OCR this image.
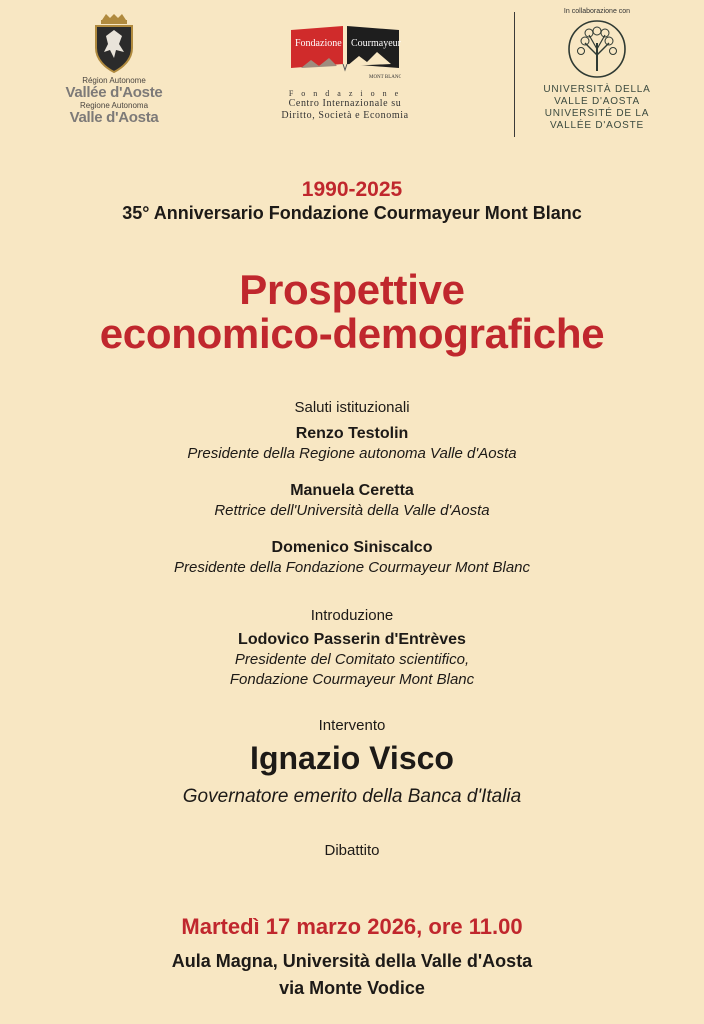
Région Autonome
Vallée d'Aoste
Regione Autonoma
Valle d'Aosta
Fondazione Courmayeur
MONT BLANC
F o n d a z i o n e
Centro Internazionale su
Diritto, Società e Economia
In collaborazione con
UNIVERSITÀ DELLA
VALLE D'AOSTA
UNIVERSITÉ DE LA
VALLÉE D'AOSTE
1990-2025
35° Anniversario Fondazione Courmayeur Mont Blanc
Prospettive
economico-demografiche
Saluti istituzionali
Renzo Testolin
Presidente della Regione autonoma Valle d'Aosta
Manuela Ceretta
Rettrice dell'Università della Valle d'Aosta
Domenico Siniscalco
Presidente della Fondazione Courmayeur Mont Blanc
Introduzione
Lodovico Passerin d'Entrèves
Presidente del Comitato scientifico,
Fondazione Courmayeur Mont Blanc
Intervento
Ignazio Visco
Governatore emerito della Banca d'Italia
Dibattito
Martedì 17 marzo 2026, ore 11.00
Aula Magna, Università della Valle d'Aosta
via Monte Vodice
